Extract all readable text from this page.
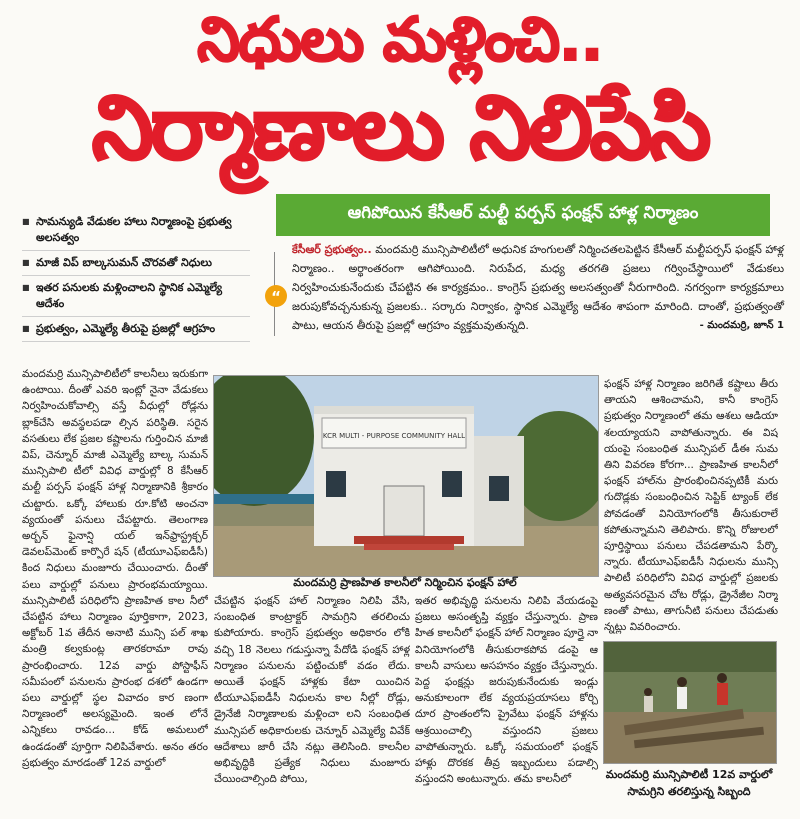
నిధులు మళ్లించి..
నిర్మాణాలు నిలిపేసి
ఆగిపోయిన కేసీఆర్ మల్టీ పర్పస్ ఫంక్షన్ హాళ్ల నిర్మాణం
■ సామన్యుడి వేడుకల హాలు నిర్మాణంపై ప్రభుత్వ అలసత్వం
■ మాజీ విప్ బాల్కసుమన్ చొరవతో నిధులు
■ ఇతర పనులకు మళ్లించాలని స్థానిక ఎమ్మెల్యే ఆదేశం
■ ప్రభుత్వం, ఎమ్మెల్యే తీరుపై ప్రజల్లో ఆగ్రహం
“
కేసీఆర్ ప్రభుత్వం.. మందమర్రి మున్సిపాలిటీలో అధునిక హంగులతో నిర్మించతలపెట్టిన కేసీఆర్ మల్టీపర్పస్ ఫంక్షన్ హాళ్ల నిర్మాణం.. అర్థాంతరంగా ఆగిపోయింది. నిరుపేద, మధ్య తరగతి ప్రజలు గర్వించేస్థాయిలో వేడుకలు నిర్వహించుకునేందుకు చేపట్టిన ఈ కార్యక్రమం.. కాంగ్రెస్ ప్రభుత్వ అలసత్వంతో నీరుగారింది. నగర్వంగా కార్యక్రమాలు జరుపుకోవచ్చనుకున్న ప్రజలకు.. సర్కారు నిర్వాకం, స్థానిక ఎమ్మెల్యే ఆదేశం శాపంగా మారింది. దాంతో, ప్రభుత్వంతో పాటు, ఆయన తీరుపై ప్రజల్లో ఆగ్రహం వ్యక్తమవుతున్నది.	- మందమర్రి, జూన్ 1
మందమర్రి మున్సిపాలిటీలో కాలనీలు ఇరుకుగా ఉంటాయి. దీంతో ఎవరి ఇంట్లో నైనా వేడుకలు నిర్వహించుకోవాల్సి వస్తే వీధుల్లో రోడ్లను బ్లాక్‌చేసి అవస్థలపడా ల్సిన పరిస్థితి. సరైన వసతులు లేక ప్రజల కష్టాలను గుర్తించిన మాజీ విప్, చెన్నూర్ మాజీ ఎమ్మెల్యే బాల్క సుమన్ మున్సిపాలి టీలో వివిధ వార్డుల్లో 8 కేసీఆర్ మల్టీ పర్పస్ ఫంక్షన్ హాళ్ల నిర్మాణానికి శ్రీకారం చుట్టారు. ఒక్కో హాలుకు రూ.కోటి అంచనా వ్యయంతో పనులు చేపట్టారు. తెలంగాణ అర్బన్ ఫైనాన్షి యల్ ఇన్‌ఫ్రాస్ట్రక్చర్ డెవలప్‌మెంట్ కార్పొరే షన్ (టీయూఎఫ్ఐడీసీ) కింద నిధులు మంజూరు చేయించారు. దీంతో పలు వార్డుల్లో పనులు ప్రారంభమయ్యాయి. మున్సిపాలిటీ పరిధిలోని ప్రాణహిత కాల నీలో చేపట్టిన హాలు నిర్మాణం పూర్తికాగా, 2023, అక్టోబర్ 1వ తేదీన అనాటి మున్సి పల్ శాఖ మంత్రి కల్వకుంట్ల తారకరామా రావు ప్రారంభించారు. 12వ వార్డు పోస్టాఫీస్ సమీపంలో పనులను ప్రారంభ దశలో ఉండగా పలు వార్డుల్లో స్థల వివాదం కార ణంగా నిర్మాణంలో అలస్యమైంది. ఇంత లోనే ఎన్నికలు రావడం... కోడ్ అమలులో ఉండడంతో పూర్తిగా నిలిపివేశారు. అనం తరం ప్రభుత్వం మారడంతో 12వ వార్డులో
KCR MULTI - PURPOSE COMMUNITY HALL
మందమర్రి ప్రాణహిత కాలనీలో నిర్మించిన ఫంక్షన్ హాల్
చేపట్టిన ఫంక్షన్ హాల్ నిర్మాణం నిలిపి వేసి, సంబంధిత కాంట్రాక్టర్ సామగ్రిని తరలించు కుపోయారు. కాంగ్రెస్ ప్రభుత్వం అధికారం లోకి వచ్చి 18 నెలలు గడుస్తున్నా పేదోడి ఫంక్షన్ హాళ్ల నిర్మాణం పనులను పట్టించుకో వడం లేదు. అయితే ఫంక్షన్ హాళ్లకు కేటా యించిన టీయూఎఫ్ఐడీసీ నిధులను కాల నీల్లో రోడ్లు, డ్రైనేజీ నిర్మాణాలకు మళ్లించా లని సంబంధిత మున్సిపల్ అధికారులకు చెన్నూర్ ఎమ్మెల్యే వివేక్ ఆదేశాలు జారీ చేసి నట్లు తెలిసింది. కాలనీల అభివృద్ధికి ప్రత్యేక నిధులు మంజూరు చేయించాల్సింది పోయి,
ఇతర అభివృద్ధి పనులను నిలిపి వేయడంపై ప్రజలు అసంతృప్తి వ్యక్తం చేస్తున్నారు. ప్రాణ హిత కాలనీలో ఫంక్షన్ హాల్ నిర్మాణం పూర్తై నా వినియోగంలోకి తీసుకురాకపోవ డంపై ఆ కాలనీ వాసులు అసహనం వ్యక్తం చేస్తున్నారు. పెద్ద ఫంక్షన్లు జరుపుకునేందుకు ఇండ్లు అనుకూలంగా లేక వ్యయప్రయాసలు కోర్చి దూర ప్రాంతంలోని ప్రైవేటు ఫంక్షన్ హాళ్లను ఆశ్రయించాల్సి వస్తుందని ప్రజలు వాపోతున్నారు. ఒక్కో సమయంలో ఫంక్షన్ హాళ్లు దొరకక తీవ్ర ఇబ్బందులు పడాల్సి వస్తుందని అంటున్నారు. తమ కాలనీలో
ఫంక్షన్ హాళ్ల నిర్మాణం జరిగితే కష్టాలు తీరు తాయని ఆశించామని, కానీ కాంగ్రెస్ ప్రభుత్వం నిర్మాణంలో తమ ఆశలు ఆడియా శలయ్యాయని వాపోతున్నారు. ఈ విష యంపై సంబంధిత మున్సిపల్ డీఈ సుమ తిని వివరణ కోరగా... ప్రాణహిత కాలనీలో ఫంక్షన్ హాల్‌ను ప్రారంభించినప్పటికీ మరు గుదొడ్లకు సంబంధించిన సెప్టిక్ ట్యాంక్ లేక పోవడంతో వినియోగంలోకి తీసుకురాలే కపోతున్నామని తెలిపారు. కొన్ని రోజులలో పూర్తిస్థాయి పనులు చేపడతామని పేర్కొ న్నారు. టీయూఎఫ్ఐడీసీ నిధులను మున్సి పాలిటీ పరిధిలోని వివిధ వార్డుల్లో ప్రజలకు అత్యవసరమైన చోట రోడ్లు, డ్రైనేజీల నిర్మా ణంతో పాటు, తాగునీటి పనులు చేపడుతు న్నట్లు వివరించారు.
మందమర్రి మున్సిపాలిటీ 12వ వార్డులో సామగ్రిని తరలిస్తున్న సిబ్బంది
